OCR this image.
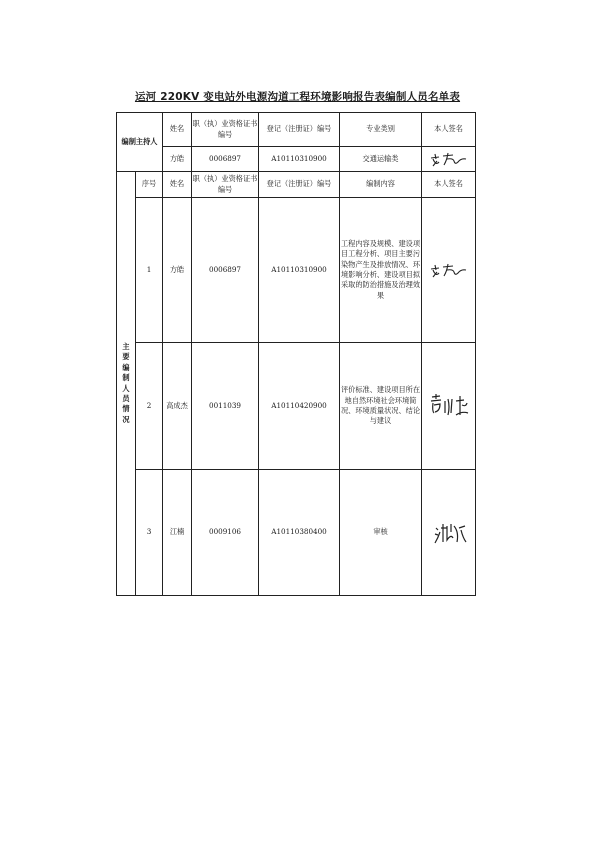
运河 220KV 变电站外电源沟道工程环境影响报告表编制人员名单表
编制主持人		姓名	职（执）业资格证书编号	登记（注册证）编号	专业类别	本人签名
		方皓	0006897	A10110310900	交通运输类	

主要编制人员情况	序号	姓名	职（执）业资格证书编号	登记（注册证）编号	编制内容	本人签名
	1	方皓	0006897	A10110310900	工程内容及规模、建设项目工程分析、项目主要污染物产生及排放情况、环境影响分析、建设项目拟采取的防治措施及治理效果	

	2	高成杰	0011039	A10110420900	评价标准、建设项目所在地自然环境社会环境简况、环境质量状况、结论与建议	

	3	江楠	0009106	A10110380400	审核	
